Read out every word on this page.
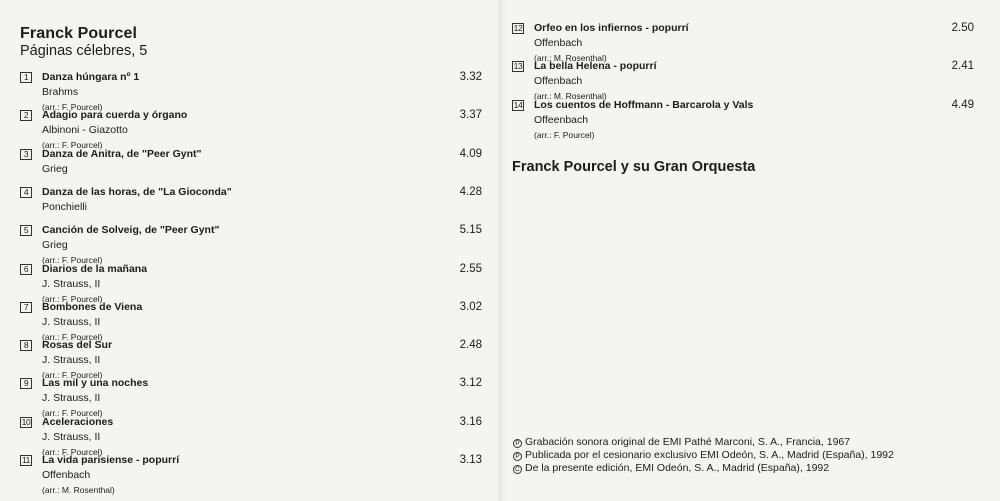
Franck Pourcel
Páginas célebres, 5
1	Danza húngara nº 1	3.32
Brahms
(arr.: F. Pourcel)
2	Adagio para cuerda y órgano	3.37
Albinoni - Giazotto
(arr.: F. Pourcel)
3	Danza de Anitra, de "Peer Gynt"	4.09
Grieg
4	Danza de las horas, de "La Gioconda"	4.28
Ponchielli
5	Canción de Solveig, de "Peer Gynt"	5.15
Grieg
(arr.: F. Pourcel)
6	Diarios de la mañana	2.55
J. Strauss, II
(arr.: F. Pourcel)
7	Bombones de Viena	3.02
J. Strauss, II
(arr.: F. Pourcel)
8	Rosas del Sur	2.48
J. Strauss, II
(arr.: F. Pourcel)
9	Las mil y una noches	3.12
J. Strauss, II
(arr.: F. Pourcel)
10 Aceleraciones	3.16
J. Strauss, II
(arr.: F. Pourcel)
11 La vida parisiense - popurrí	3.13
Offenbach
(arr.: M. Rosenthal)
12 Orfeo en los infiernos - popurrí	2.50
Offenbach
(arr.: M. Rosenthal)
13 La bella Helena - popurrí	2.41
Offenbach
(arr.: M. Rosenthal)
14 Los cuentos de Hoffmann - Barcarola y Vals	4.49
Offeenbach
(arr.: F. Pourcel)
Franck Pourcel y su Gran Orquesta
P Grabación sonora original de EMI Pathé Marconi, S. A., Francia, 1967
P Publicada por el cesionario exclusivo EMI Odeón, S. A., Madrid (España), 1992
C De la presente edición, EMI Odeón, S. A., Madrid (España), 1992
